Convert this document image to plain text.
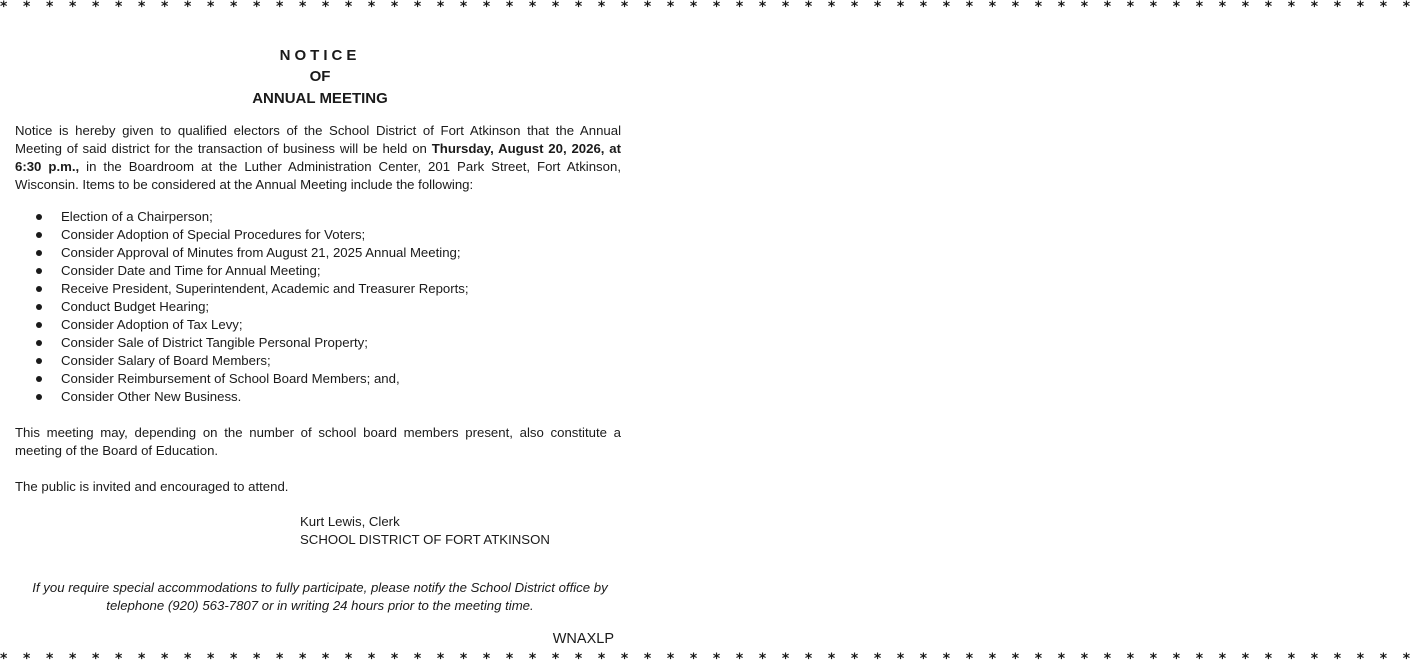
* * * * * * * * * * * * * * * * * * * * * * * * * * * * * * * * * * * * * * * * * * * * * * * * * * * * * * * * * * * * * *
NOTICE
OF
ANNUAL MEETING

Notice is hereby given to qualified electors of the School District of Fort Atkinson that the Annual Meeting of said district for the transaction of business will be held on Thursday, August 20, 2026, at 6:30 p.m., in the Boardroom at the Luther Administration Center, 201 Park Street, Fort Atkinson, Wisconsin. Items to be considered at the Annual Meeting include the following:

Election of a Chairperson;
Consider Adoption of Special Procedures for Voters;
Consider Approval of Minutes from August 21, 2025 Annual Meeting;
Consider Date and Time for Annual Meeting;
Receive President, Superintendent, Academic and Treasurer Reports;
Conduct Budget Hearing;
Consider Adoption of Tax Levy;
Consider Sale of District Tangible Personal Property;
Consider Salary of Board Members;
Consider Reimbursement of School Board Members; and,
Consider Other New Business.

This meeting may, depending on the number of school board members present, also constitute a meeting of the Board of Education.

The public is invited and encouraged to attend.

Kurt Lewis, Clerk
SCHOOL DISTRICT OF FORT ATKINSON
If you require special accommodations to fully participate, please notify the School District office by telephone (920) 563-7807 or in writing 24 hours prior to the meeting time.
WNAXLP
* * * * * * * * * * * * * * * * * * * * * * * * * * * * * * * * * * * * * * * * * * * * * * * * * * * * * * * * * * * * * *
